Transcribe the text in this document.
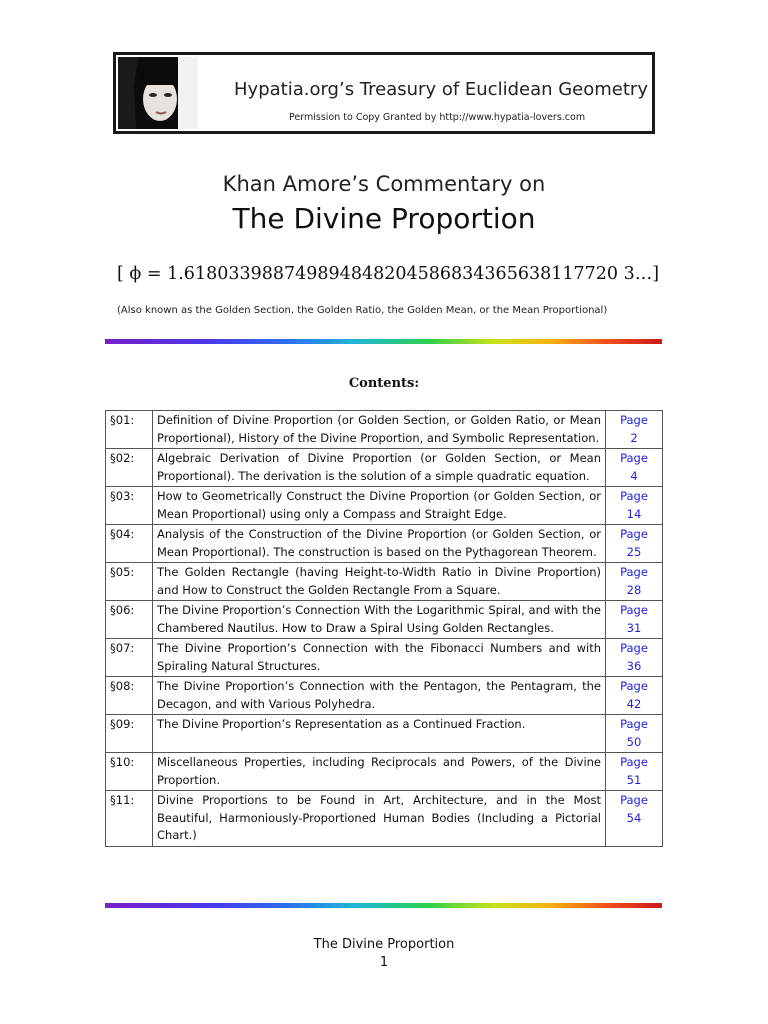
Hypatia.org’s Treasury of Euclidean Geometry
Permission to Copy Granted by http://www.hypatia-lovers.com
Khan Amore’s Commentary on
The Divine Proportion
[ ϕ = 1.618033988749894848204586834365638117720 3…]
(Also known as the Golden Section, the Golden Ratio, the Golden Mean, or the Mean Proportional)
Contents:
§01:	Definition of Divine Proportion (or Golden Section, or Golden Ratio, or Mean Proportional), History of the Divine Proportion, and Symbolic Representation.	Page
2

§02:	Algebraic Derivation of Divine Proportion (or Golden Section, or Mean Proportional). The derivation is the solution of a simple quadratic equation.	Page
4

§03:	How to Geometrically Construct the Divine Proportion (or Golden Section, or Mean Proportional) using only a Compass and Straight Edge.	Page
14

§04:	Analysis of the Construction of the Divine Proportion (or Golden Section, or Mean Proportional). The construction is based on the Pythagorean Theorem.	Page
25

§05:	The Golden Rectangle (having Height-to-Width Ratio in Divine Proportion) and How to Construct the Golden Rectangle From a Square.	Page
28

§06:	The Divine Proportion’s Connection With the Logarithmic Spiral, and with the Chambered Nautilus. How to Draw a Spiral Using Golden Rectangles.	Page
31

§07:	The Divine Proportion’s Connection with the Fibonacci Numbers and with Spiraling Natural Structures.	Page
36

§08:	The Divine Proportion’s Connection with the Pentagon, the Pentagram, the Decagon, and with Various Polyhedra.	Page
42

§09:	The Divine Proportion’s Representation as a Continued Fraction.	Page
50

§10:	Miscellaneous Properties, including Reciprocals and Powers, of the Divine Proportion.	Page
51

§11:	Divine Proportions to be Found in Art, Architecture, and in the Most Beautiful, Harmoniously-Proportioned Human Bodies (Including a Pictorial Chart.)	Page
54
The Divine Proportion
1
